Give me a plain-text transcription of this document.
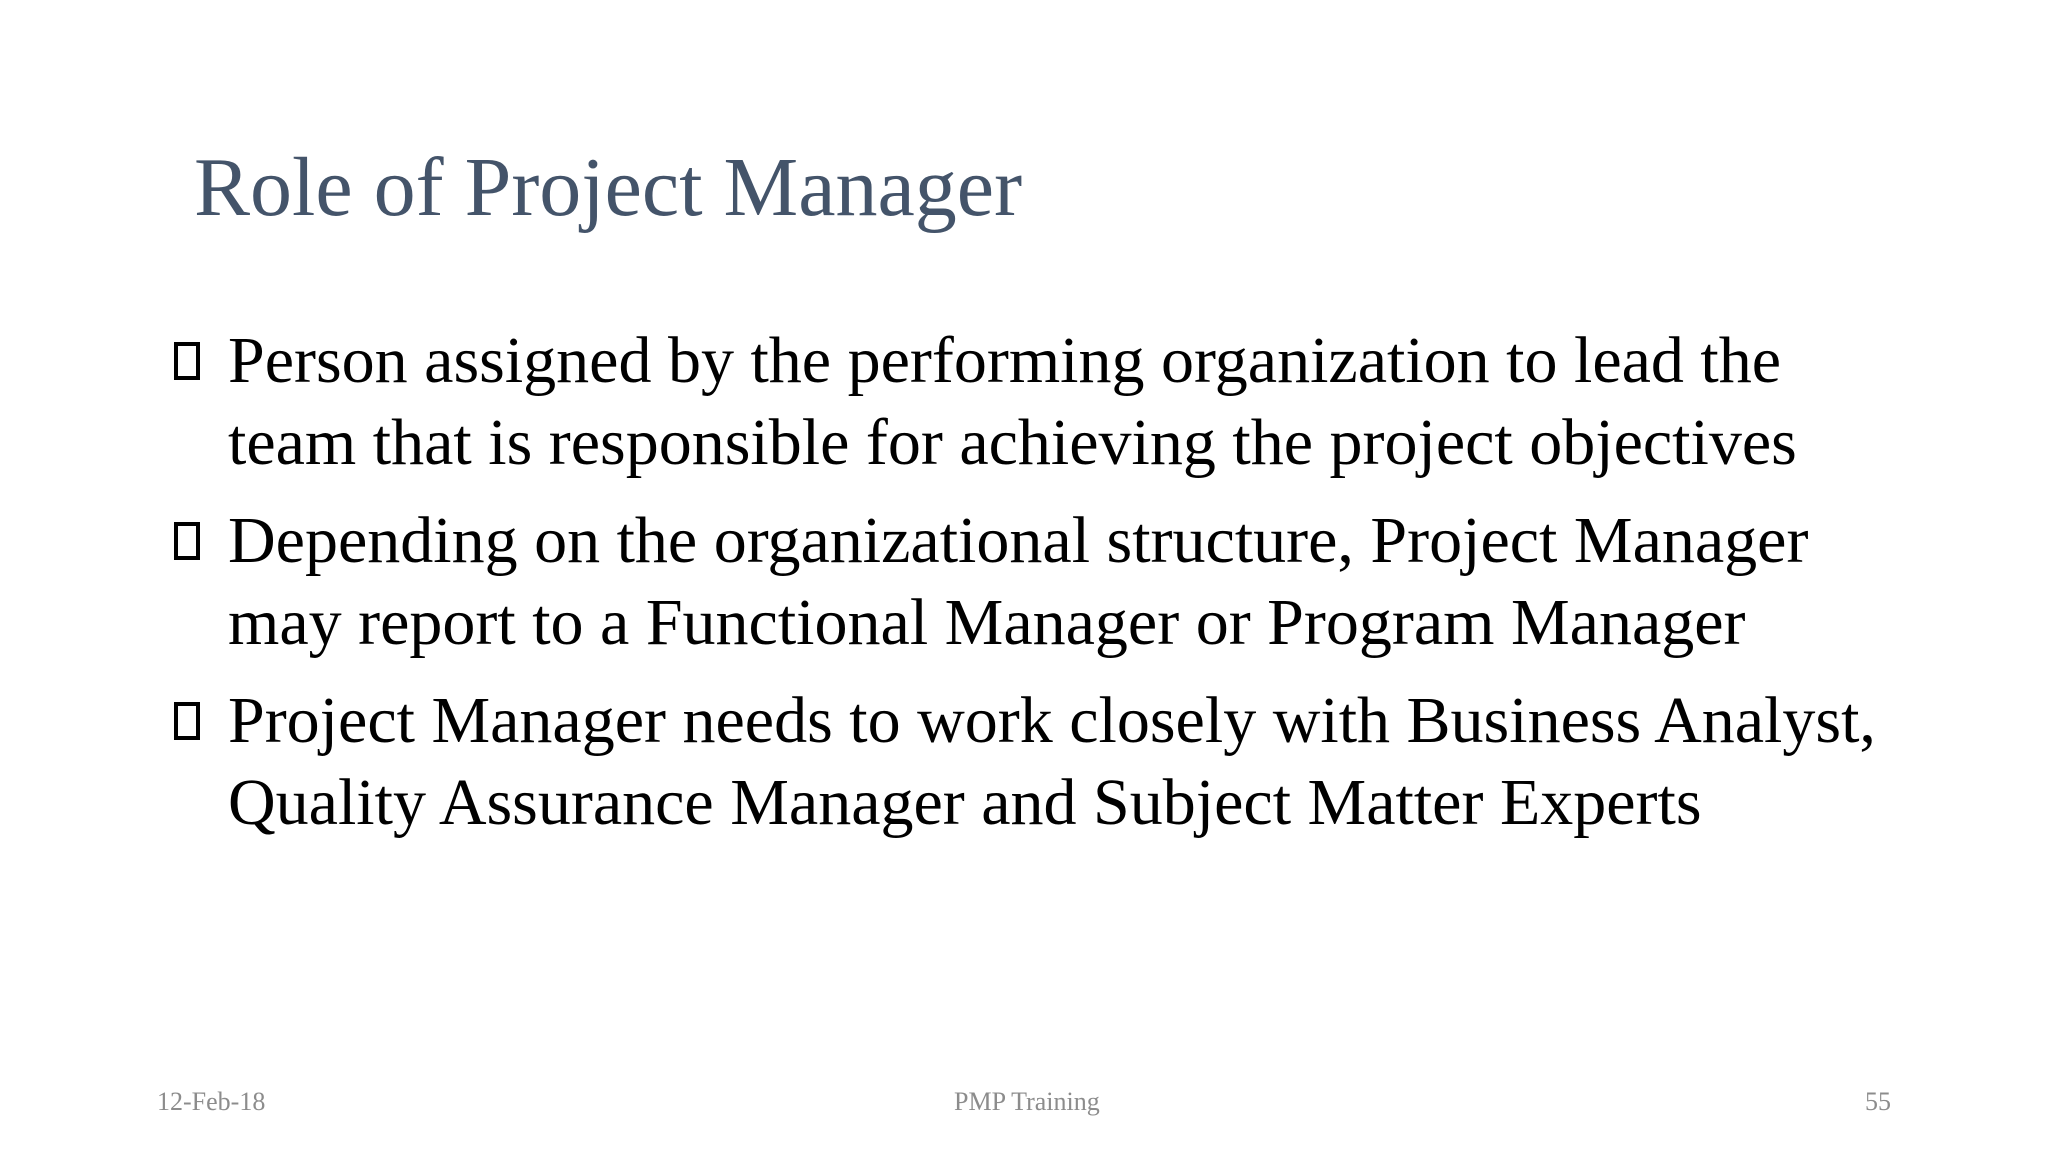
Role of Project Manager
Person assigned by the performing organization to lead the team that is responsible for achieving the project objectives
Depending on the organizational structure, Project Manager may report to a Functional Manager or Program Manager
Project Manager needs to work closely with Business Analyst, Quality Assurance Manager and Subject Matter Experts
12-Feb-18	PMP Training	55
